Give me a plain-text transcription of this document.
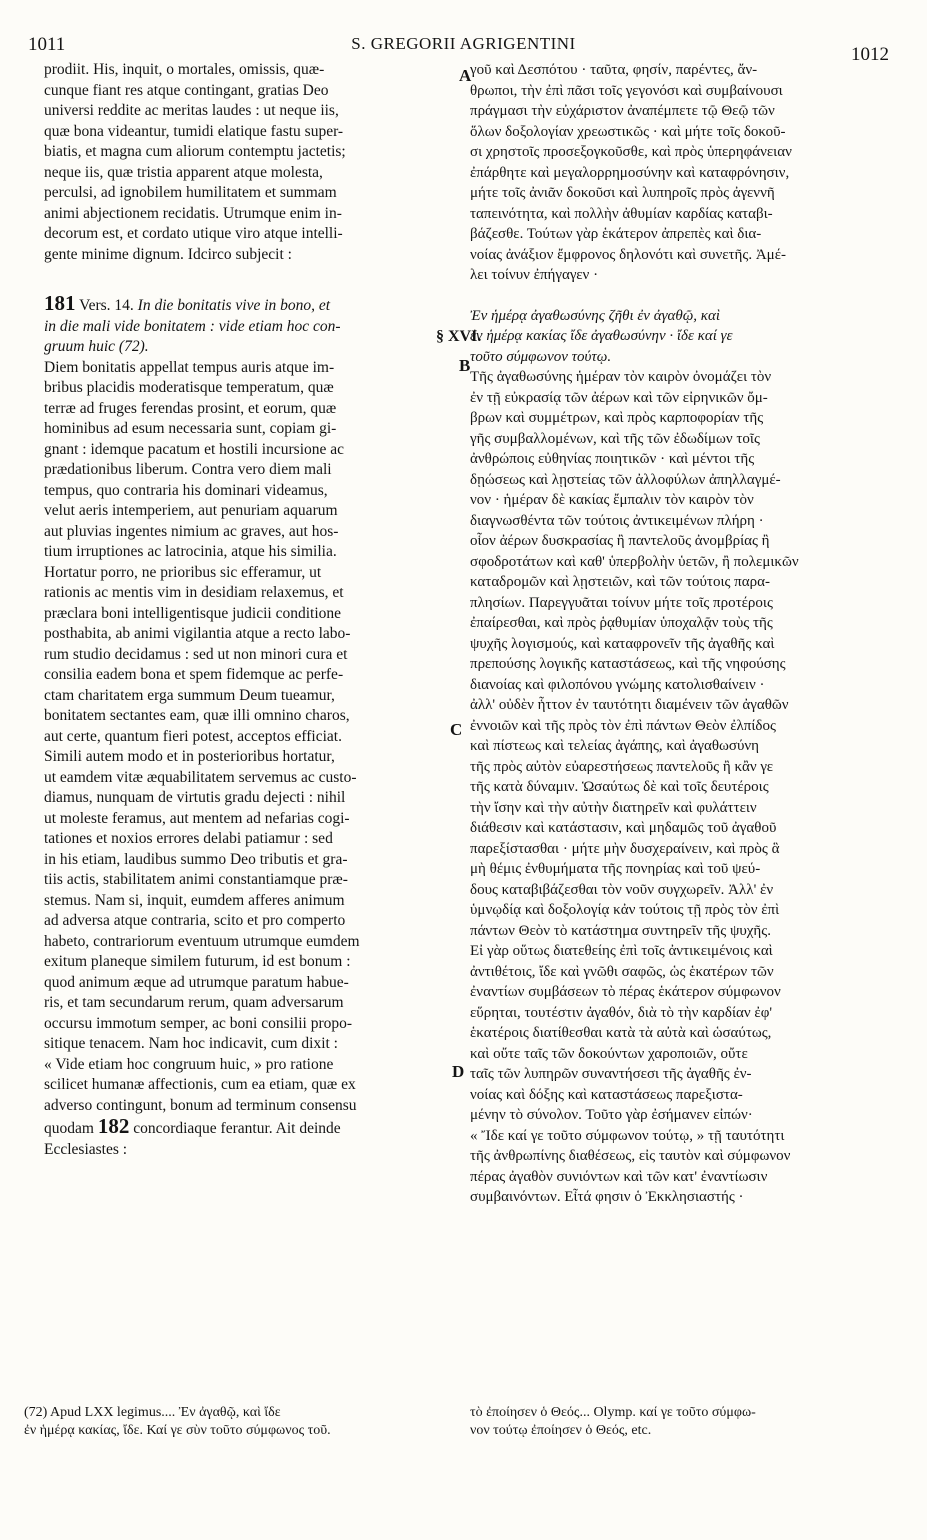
1011	S. GREGORII AGRIGENTINI
1012
A
B
C
D
§ XVI.

prodiit. His, inquit, o mortales, omissis, quæ-

cunque fiant res atque contingant, gratias Deo

universi reddite ac meritas laudes : ut neque iis,

quæ bona videantur, tumidi elatique fastu super-

biatis, et magna cum aliorum contemptu jactetis;

neque iis, quæ tristia apparent atque molesta,

perculsi, ad ignobilem humilitatem et summam

animi abjectionem recidatis. Utrumque enim in-

decorum est, et cordato utique viro atque intelli-

gente minime dignum. Idcirco subjecit :

181 Vers. 14. In die bonitatis vive in bono, et

in die mali vide bonitatem : vide etiam hoc con-

gruum huic (72).

Diem bonitatis appellat tempus auris atque im-

bribus placidis moderatisque temperatum, quæ

terræ ad fruges ferendas prosint, et eorum, quæ

hominibus ad esum necessaria sunt, copiam gi-

gnant : idemque pacatum et hostili incursione ac

prædationibus liberum. Contra vero diem mali

tempus, quo contraria his dominari videamus,

velut aeris intemperiem, aut penuriam aquarum

aut pluvias ingentes nimium ac graves, aut hos-

tium irruptiones ac latrocinia, atque his similia.

Hortatur porro, ne prioribus sic efferamur, ut

rationis ac mentis vim in desidiam relaxemus, et

præclara boni intelligentisque judicii conditione

posthabita, ab animi vigilantia atque a recto labo-

rum studio decidamus : sed ut non minori cura et

consilia eadem bona et spem fidemque ac perfe-

ctam charitatem erga summum Deum tueamur,

bonitatem sectantes eam, quæ illi omnino charos,

aut certe, quantum fieri potest, acceptos efficiat.

Simili autem modo et in posterioribus hortatur,

ut eamdem vitæ æquabilitatem servemus ac custo-

diamus, nunquam de virtutis gradu dejecti : nihil

ut moleste feramus, aut mentem ad nefarias cogi-

tationes et noxios errores delabi patiamur : sed

in his etiam, laudibus summo Deo tributis et gra-

tiis actis, stabilitatem animi constantiamque præ-

stemus. Nam si, inquit, eumdem afferes animum

ad adversa atque contraria, scito et pro comperto

habeto, contrariorum eventuum utrumque eumdem

exitum planeque similem futurum, id est bonum :

quod animum æque ad utrumque paratum habue-

ris, et tam secundarum rerum, quam adversarum

occursu immotum semper, ac boni consilii propo-

sitique tenacem. Nam hoc indicavit, cum dixit :

« Vide etiam hoc congruum huic, » pro ratione

scilicet humanæ affectionis, cum ea etiam, quæ ex

adverso contingunt, bonum ad terminum consensu

quodam 182 concordiaque ferantur. Ait deinde

Ecclesiastes :

γοῦ καὶ Δεσπότου · ταῦτα, φησίν, παρέντες, ἄν-

θρωποι, τὴν ἐπὶ πᾶσι τοῖς γεγονόσι καὶ συμβαίνουσι

πράγμασι τὴν εὐχάριστον ἀναπέμπετε τῷ Θεῷ τῶν

ὅλων δοξολογίαν χρεωστικῶς · καὶ μήτε τοῖς δοκοῦ-

σι χρηστοῖς προσεξογκοῦσθε, καὶ πρὸς ὑπερηφάνειαν

ἐπάρθητε καὶ μεγαλορρημοσύνην καὶ καταφρόνησιν,

μήτε τοῖς ἀνιᾶν δοκοῦσι καὶ λυπηροῖς πρὸς ἀγεννῆ

ταπεινότητα, καὶ πολλὴν ἀθυμίαν καρδίας καταβι-

βάζεσθε. Τούτων γὰρ ἑκάτερον ἀπρεπὲς καὶ δια-

νοίας ἀνάξιον ἔμφρονος δηλονότι καὶ συνετῆς. Ἀμέ-

λει τοίνυν ἐπήγαγεν ·

Ἐν ἡμέρᾳ ἀγαθωσύνης ζῆθι ἐν ἀγαθῷ, καὶ

ἐν ἡμέρᾳ κακίας ἴδε ἀγαθωσύνην · ἴδε καί γε

τοῦτο σύμφωνον τούτῳ.

Τῆς ἀγαθωσύνης ἡμέραν τὸν καιρὸν ὀνομάζει τὸν

ἐν τῇ εὐκρασίᾳ τῶν ἀέρων καὶ τῶν εἰρηνικῶν ὄμ-

βρων καὶ συμμέτρων, καὶ πρὸς καρποφορίαν τῆς

γῆς συμβαλλομένων, καὶ τῆς τῶν ἐδωδίμων τοῖς

ἀνθρώποις εὐθηνίας ποιητικῶν · καὶ μέντοι τῆς

δῃώσεως καὶ λῃστείας τῶν ἀλλοφύλων ἀπηλλαγμέ-

νον · ἡμέραν δὲ κακίας ἔμπαλιν τὸν καιρὸν τὸν

διαγνωσθέντα τῶν τούτοις ἀντικειμένων πλήρη ·

οἷον ἀέρων δυσκρασίας ἢ παντελοῦς ἀνομβρίας ἢ

σφοδροτάτων καὶ καθ' ὑπερβολὴν ὑετῶν, ἢ πολεμικῶν

καταδρομῶν καὶ λῃστειῶν, καὶ τῶν τούτοις παρα-

πλησίων. Παρεγγυᾶται τοίνυν μήτε τοῖς προτέροις

ἐπαίρεσθαι, καὶ πρὸς ῥᾳθυμίαν ὑποχαλᾷν τοὺς τῆς

ψυχῆς λογισμούς, καὶ καταφρονεῖν τῆς ἀγαθῆς καὶ

πρεπούσης λογικῆς καταστάσεως, καὶ τῆς νηφούσης

διανοίας καὶ φιλοπόνου γνώμης κατολισθαίνειν ·

ἀλλ' οὐδὲν ἧττον ἐν ταυτότητι διαμένειν τῶν ἀγαθῶν

ἐννοιῶν καὶ τῆς πρὸς τὸν ἐπὶ πάντων Θεὸν ἐλπίδος

καὶ πίστεως καὶ τελείας ἀγάπης, καὶ ἀγαθωσύνη

τῆς πρὸς αὐτὸν εὐαρεστήσεως παντελοῦς ἢ κἂν γε

τῆς κατὰ δύναμιν. Ὡσαύτως δὲ καὶ τοῖς δευτέροις

τὴν ἴσην καὶ τὴν αὐτὴν διατηρεῖν καὶ φυλάττειν

διάθεσιν καὶ κατάστασιν, καὶ μηδαμῶς τοῦ ἀγαθοῦ

παρεξίστασθαι · μήτε μὴν δυσχεραίνειν, καὶ πρὸς ἃ

μὴ θέμις ἐνθυμήματα τῆς πονηρίας καὶ τοῦ ψεύ-

δους καταβιβάζεσθαι τὸν νοῦν συγχωρεῖν. Ἀλλ' ἐν

ὑμνῳδίᾳ καὶ δοξολογίᾳ κἀν τούτοις τῇ πρὸς τὸν ἐπὶ

πάντων Θεὸν τὸ κατάστημα συντηρεῖν τῆς ψυχῆς.

Εἰ γὰρ οὕτως διατεθείης ἐπὶ τοῖς ἀντικειμένοις καὶ

ἀντιθέτοις, ἴδε καὶ γνῶθι σαφῶς, ὡς ἑκατέρων τῶν

ἐναντίων συμβάσεων τὸ πέρας ἑκάτερον σύμφωνον

εὕρηται, τουτέστιν ἀγαθόν, διὰ τὸ τὴν καρδίαν ἐφ'

ἑκατέροις διατίθεσθαι κατὰ τὰ αὐτὰ καὶ ὡσαύτως,

καὶ οὔτε ταῖς τῶν δοκούντων χαροποιῶν, οὔτε

ταῖς τῶν λυπηρῶν συναντήσεσι τῆς ἀγαθῆς ἐν-

νοίας καὶ δόξης καὶ καταστάσεως παρεξιστα-

μένην τὸ σύνολον. Τοῦτο γὰρ ἐσήμανεν εἰπών·

« Ἴδε καί γε τοῦτο σύμφωνον τούτῳ, » τῇ ταυτότητι

τῆς ἀνθρωπίνης διαθέσεως, εἰς ταυτὸν καὶ σύμφωνον

πέρας ἀγαθὸν συνιόντων καὶ τῶν κατ' ἐναντίωσιν

συμβαινόντων. Εἶτά φησιν ὁ Ἐκκλησιαστής ·

(72) Apud LXX legimus.... Ἐν ἀγαθῷ, καὶ ἴδε

ἐν ἡμέρᾳ κακίας, ἴδε. Καί γε σὺν τοῦτο σύμφωνος τοῦ.

τὸ ἐποίησεν ὁ Θεός... Olymp. καί γε τοῦτο σύμφω-

νον τούτῳ ἐποίησεν ὁ Θεός, etc.
